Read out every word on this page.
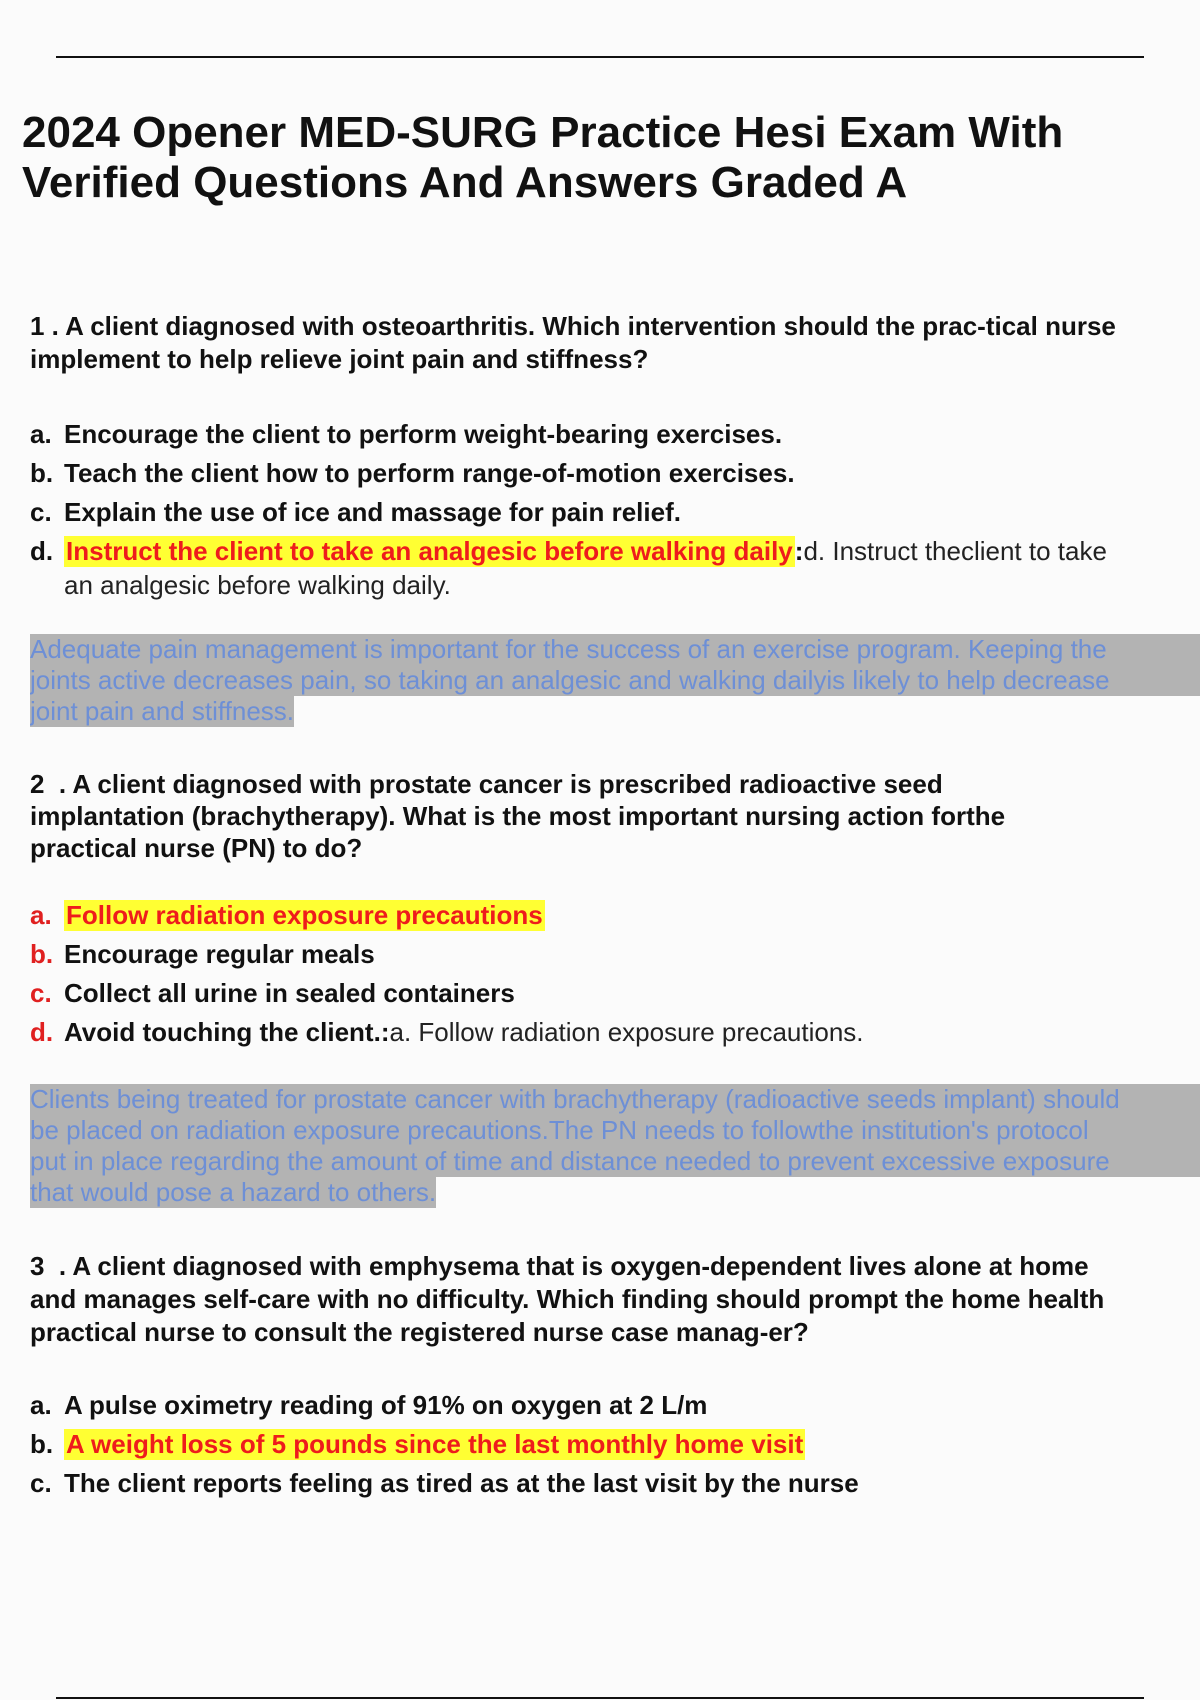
2024 Opener MED-SURG Practice Hesi Exam With
Verified Questions And Answers Graded A

1 . A client diagnosed with osteoarthritis. Which intervention should the prac-tical nurse

implement to help relieve joint pain and stiffness?

a. Encourage the client to perform weight-bearing exercises.
b. Teach the client how to perform range-of-motion exercises.
c. Explain the use of ice and massage for pain relief.
d. Instruct the client to take an analgesic before walking daily : d. Instruct theclient to take

an analgesic before walking daily.

Adequate pain management is important for the success of an exercise program. Keeping the
joints active decreases pain, so taking an analgesic and walking dailyis likely to help decrease
joint pain and stiffness.

2  . A client diagnosed with prostate cancer is prescribed radioactive seed

implantation (brachytherapy). What is the most important nursing action forthe

practical nurse (PN) to do?

a. Follow radiation exposure precautions
b. Encourage regular meals
c. Collect all urine in sealed containers
d. Avoid touching the client. : a. Follow radiation exposure precautions.
Clients being treated for prostate cancer with brachytherapy (radioactive seeds implant) should
be placed on radiation exposure precautions.The PN needs to followthe institution's protocol
put in place regarding the amount of time and distance needed to prevent excessive exposure
that would pose a hazard to others.

3  . A client diagnosed with emphysema that is oxygen-dependent lives alone at home

and manages self-care with no difficulty. Which finding should prompt the home health

practical nurse to consult the registered nurse case manag-er?

a. A pulse oximetry reading of 91% on oxygen at 2 L/m
b. A weight loss of 5 pounds since the last monthly home visit
c. The client reports feeling as tired as at the last visit by the nurse
